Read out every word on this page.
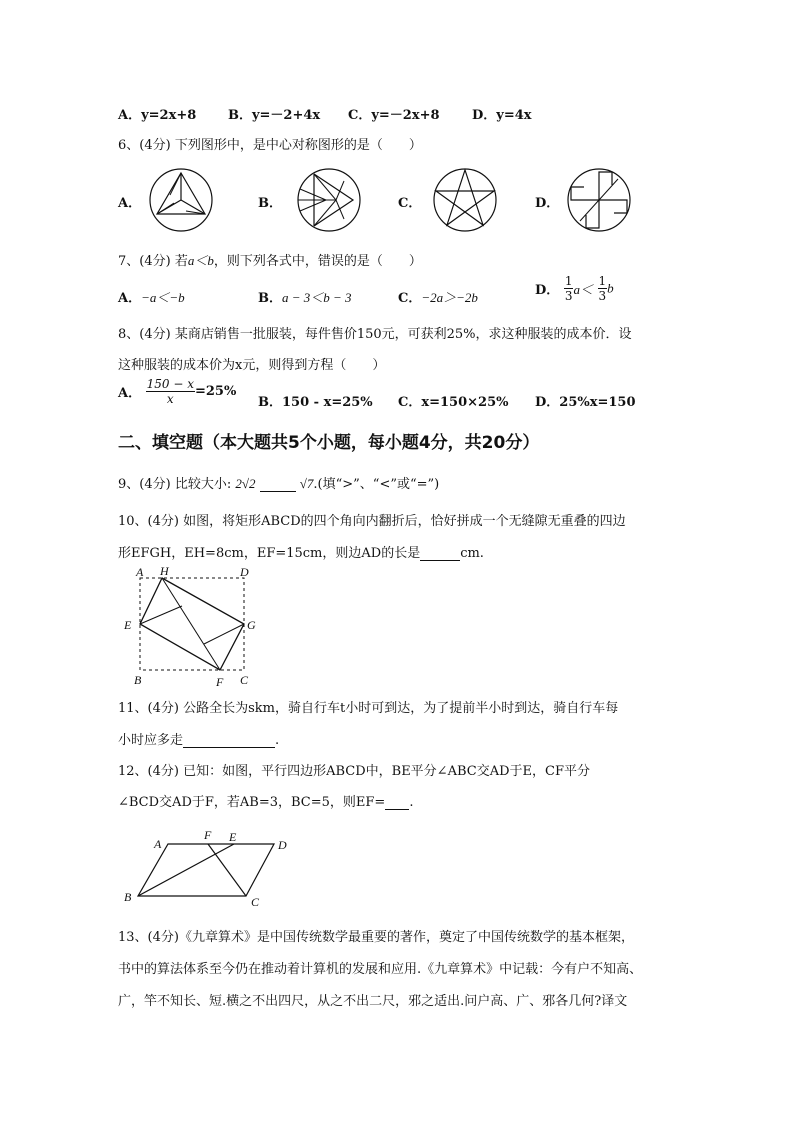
A．y=2x+8 B．y=－2+4x C．y=－2x+8 D．y=4x
6、(4分) 下列图形中，是中心对称图形的是（　　）
A．	B．	C．	D．
7、(4分) 若a＜b，则下列各式中，错误的是（　　）
A．−a＜−b	B．a − 3＜b − 3	C．−2a＞−2b	D． $\frac{1}{3} a< \frac{1}{3}$ b
8、(4分) 某商店销售一批服装，每件售价150元，可获利25%，求这种服装的成本价．设
这种服装的成本价为x元，则得到方程（　　）
A． $\frac{150 - x}{x} =25\%$
B．150 - x=25% C．x=150×25% D．25%x=150
二、填空题（本大题共5个小题，每小题4分，共20分）
9、(4分) 比较大小: 2√2	√7.(填“>”、“<”或“=”)
10、(4分) 如图，将矩形ABCD的四个角向内翻折后，恰好拼成一个无缝隙无重叠的四边
形EFGH，EH=8cm，EF=15cm，则边AD的长是	cm.
A H	D
E	G
B	F C
11、(4分) 公路全长为skm，骑自行车t小时可到达，为了提前半小时到达，骑自行车每
小时应多走	.
12、(4分) 已知：如图，平行四边形ABCD中，BE平分∠ABC交AD于E，CF平分
∠BCD交AD于F，若AB=3，BC=5，则EF= .
A
F E
D
B	C
13、(4分)《九章算术》是中国传统数学最重要的著作，奠定了中国传统数学的基本框架，
书中的算法体系至今仍在推动着计算机的发展和应用.《九章算术》中记载：今有户不知高、
广，竿不知长、短.横之不出四尺，从之不出二尺，邪之适出.问户高、广、邪各几何?译文
